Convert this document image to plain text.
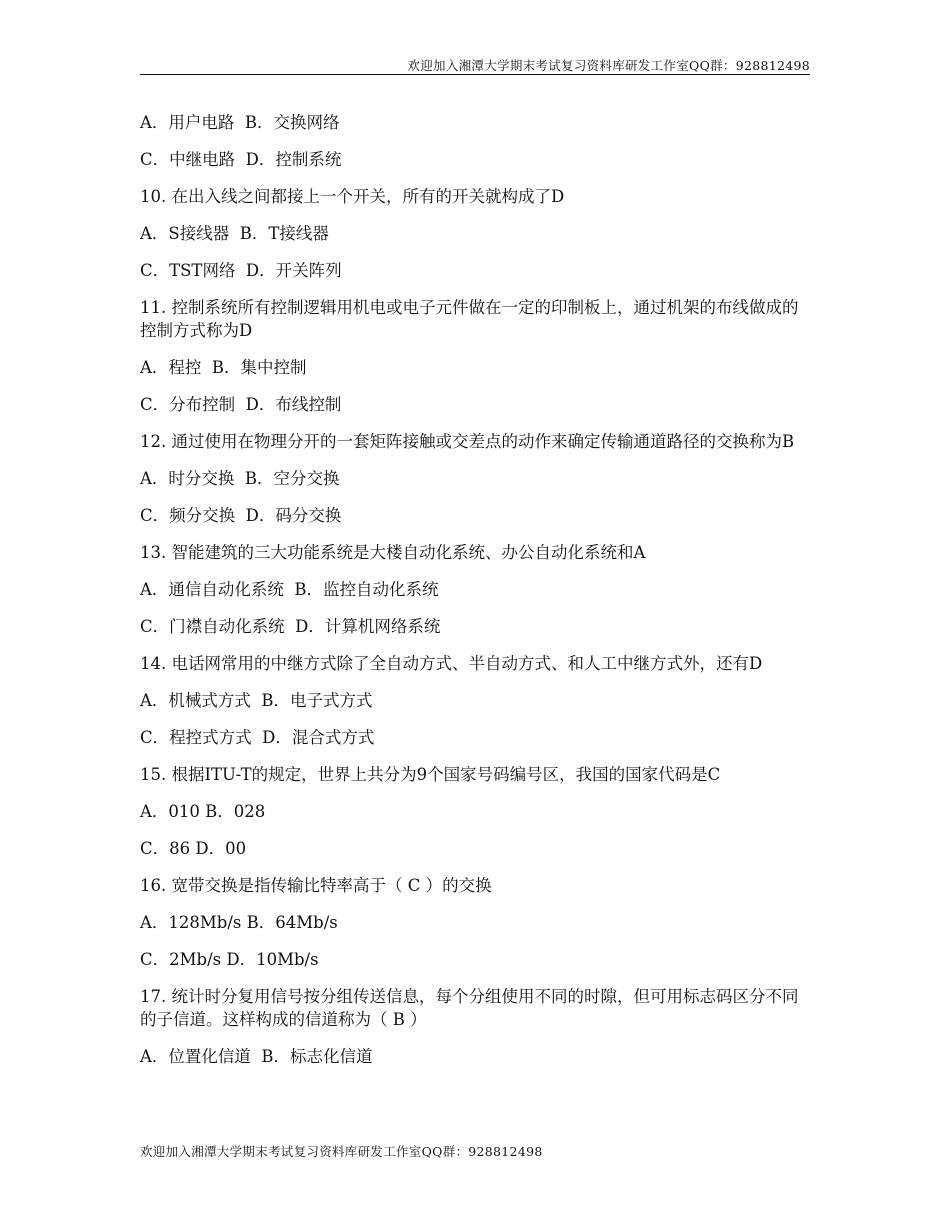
欢迎加入湘潭大学期末考试复习资料库研发工作室QQ群：928812498
A．用户电路  B．交换网络
C．中继电路  D．控制系统
10. 在出入线之间都接上一个开关，所有的开关就构成了D
A．S接线器  B．T接线器
C．TST网络  D．开关阵列
11. 控制系统所有控制逻辑用机电或电子元件做在一定的印制板上，通过机架的布线做成的控制方式称为D
A．程控  B．集中控制
C．分布控制  D．布线控制
12. 通过使用在物理分开的一套矩阵接触或交差点的动作来确定传输通道路径的交换称为B
A．时分交换  B．空分交换
C．频分交换  D．码分交换
13. 智能建筑的三大功能系统是大楼自动化系统、办公自动化系统和A
A．通信自动化系统  B．监控自动化系统
C．门襟自动化系统  D．计算机网络系统
14. 电话网常用的中继方式除了全自动方式、半自动方式、和人工中继方式外，还有D
A．机械式方式  B．电子式方式
C．程控式方式  D．混合式方式
15. 根据ITU-T的规定，世界上共分为9个国家号码编号区，我国的国家代码是C
A．010 B．028
C．86 D．00
16. 宽带交换是指传输比特率高于（ C ）的交换
A．128Mb/s B．64Mb/s
C．2Mb/s D．10Mb/s
17. 统计时分复用信号按分组传送信息，每个分组使用不同的时隙，但可用标志码区分不同的子信道。这样构成的信道称为（ B ）
A．位置化信道  B．标志化信道
欢迎加入湘潭大学期末考试复习资料库研发工作室QQ群：928812498
